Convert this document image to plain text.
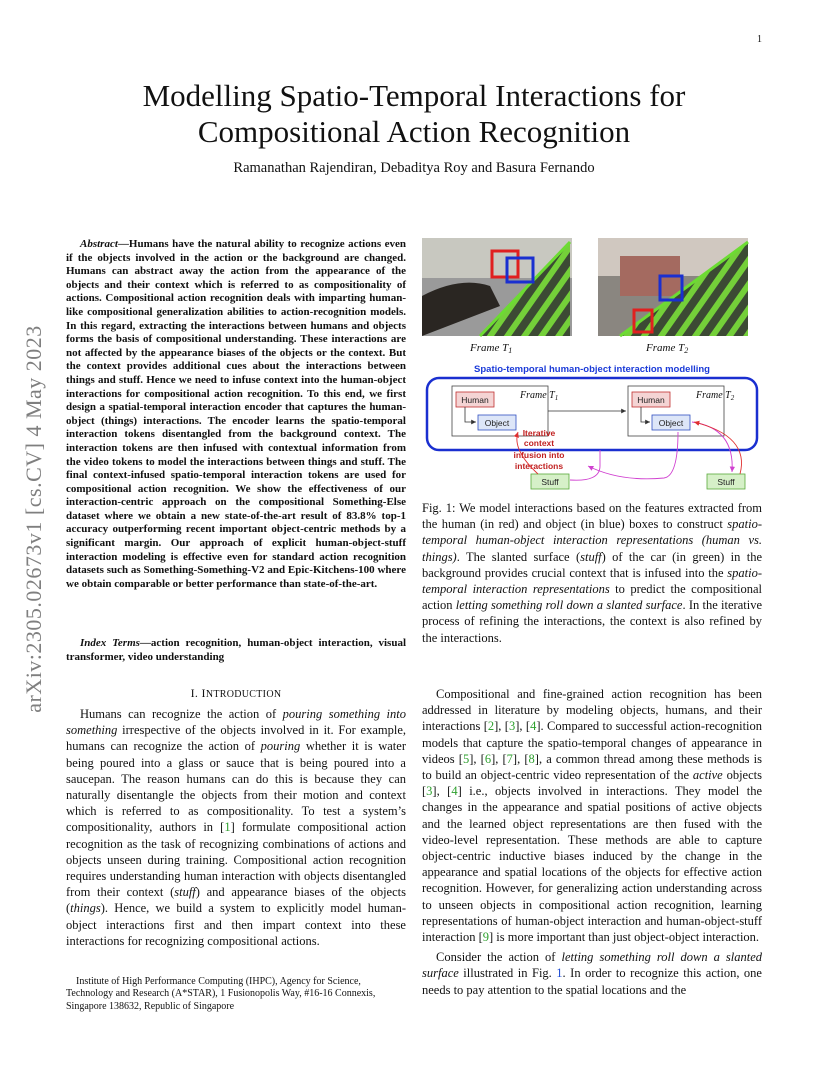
1
Modelling Spatio-Temporal Interactions for Compositional Action Recognition
Ramanathan Rajendiran, Debaditya Roy and Basura Fernando
arXiv:2305.02673v1 [cs.CV] 4 May 2023
Abstract—Humans have the natural ability to recognize actions even if the objects involved in the action or the background are changed. Humans can abstract away the action from the appearance of the objects and their context which is referred to as compositionality of actions. Compositional action recognition deals with imparting human-like compositional generalization abilities to action-recognition models. In this regard, extracting the interactions between humans and objects forms the basis of compositional understanding. These interactions are not affected by the appearance biases of the objects or the context. But the context provides additional cues about the interactions between things and stuff. Hence we need to infuse context into the human-object interactions for compositional action recognition. To this end, we first design a spatial-temporal interaction encoder that captures the human-object (things) interactions. The encoder learns the spatio-temporal interaction tokens disentangled from the background context. The interaction tokens are then infused with contextual information from the video tokens to model the interactions between things and stuff. The final context-infused spatio-temporal interaction tokens are used for compositional action recognition. We show the effectiveness of our interaction-centric approach on the compositional Something-Else dataset where we obtain a new state-of-the-art result of 83.8% top-1 accuracy outperforming recent important object-centric methods by a significant margin. Our approach of explicit human-object-stuff interaction modeling is effective even for standard action recognition datasets such as Something-Something-V2 and Epic-Kitchens-100 where we obtain comparable or better performance than state-of-the-art.
Index Terms—action recognition, human-object interaction, visual transformer, video understanding
I. INTRODUCTION
Humans can recognize the action of pouring something into something irrespective of the objects involved in it. For example, humans can recognize the action of pouring whether it is water being poured into a glass or sauce that is being poured into a saucepan. The reason humans can do this is because they can naturally disentangle the objects from their motion and context which is referred to as compositionality. To test a system’s compositionality, authors in [1] formulate compositional action recognition as the task of recognizing combinations of actions and objects unseen during training. Compositional action recognition requires understanding human interaction with objects disentangled from their context (stuff) and appearance biases of the objects (things). Hence, we build a system to explicitly model human-object interactions first and then impart context into these interactions for recognizing compositional actions.
Institute of High Performance Computing (IHPC), Agency for Science, Technology and Research (A*STAR), 1 Fusionopolis Way, #16-16 Connexis, Singapore 138632, Republic of Singapore
Frame T1	Frame T2
Spatio-temporal human-object interaction modelling
Frame $T_1$
Human
Object
Frame $T_2$
Human
Object
Iterative
context
infusion into
interactions
Stuff	Stuff
Fig. 1: We model interactions based on the features extracted from the human (in red) and object (in blue) boxes to construct spatio-temporal human-object interaction representations (human vs. things). The slanted surface (stuff) of the car (in green) in the background provides crucial context that is infused into the spatio-temporal interaction representations to predict the compositional action letting something roll down a slanted surface. In the iterative process of refining the interactions, the context is also refined by the interactions.

Compositional and fine-grained action recognition has been addressed in literature by modeling objects, humans, and their interactions [2], [3], [4]. Compared to successful action-recognition models that capture the spatio-temporal changes of appearance in videos [5], [6], [7], [8], a common thread among these methods is to build an object-centric video representation of the active objects [3], [4] i.e., objects involved in interactions. They model the changes in the appearance and spatial positions of active objects and the learned object representations are then fused with the video-level representation. These methods are able to capture object-centric inductive biases induced by the change in the appearance and spatial locations of the objects for effective action recognition. However, for generalizing action understanding across to unseen objects in compositional action recognition, learning representations of human-object interaction and human-object-stuff interaction [9] is more important than just object-object interaction.

Consider the action of letting something roll down a slanted surface illustrated in Fig. 1. In order to recognize this action, one needs to pay attention to the spatial locations and the
